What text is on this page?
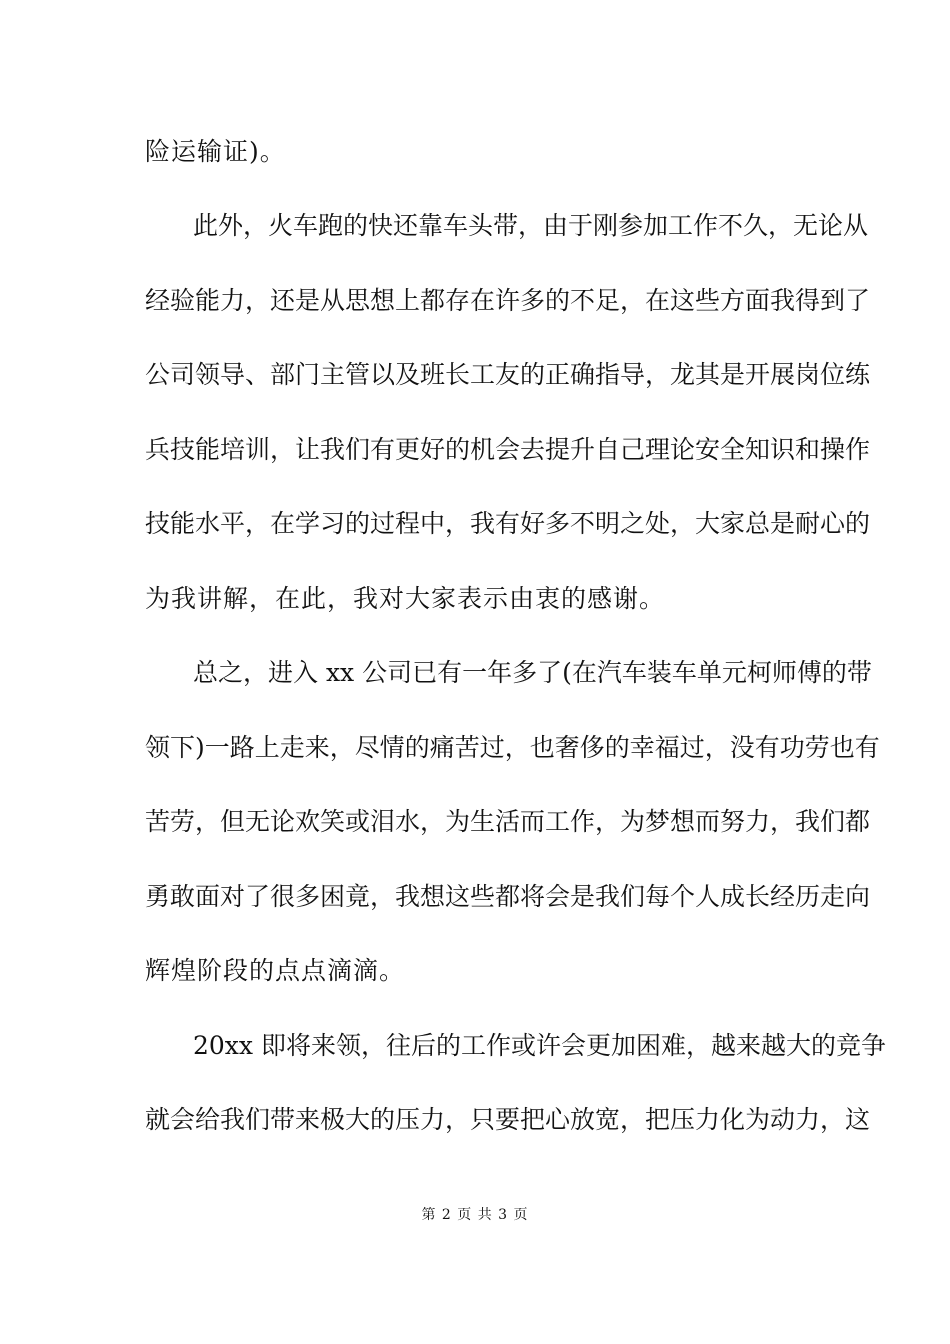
险运输证)。
此外，火车跑的快还靠车头带，由于刚参加工作不久，无论从
经验能力，还是从思想上都存在许多的不足，在这些方面我得到了
公司领导、部门主管以及班长工友的正确指导，龙其是开展岗位练
兵技能培训，让我们有更好的机会去提升自己理论安全知识和操作
技能水平，在学习的过程中，我有好多不明之处，大家总是耐心的
为我讲解，在此，我对大家表示由衷的感谢。
总之，进入 xx 公司已有一年多了(在汽车装车单元柯师傅的带
领下)一路上走来，尽情的痛苦过，也奢侈的幸福过，没有功劳也有
苦劳，但无论欢笑或泪水，为生活而工作，为梦想而努力，我们都
勇敢面对了很多困竟，我想这些都将会是我们每个人成长经历走向
辉煌阶段的点点滴滴。
20xx 即将来领，往后的工作或许会更加困难，越来越大的竞争
就会给我们带来极大的压力，只要把心放宽，把压力化为动力，这
第 2 页 共 3 页
